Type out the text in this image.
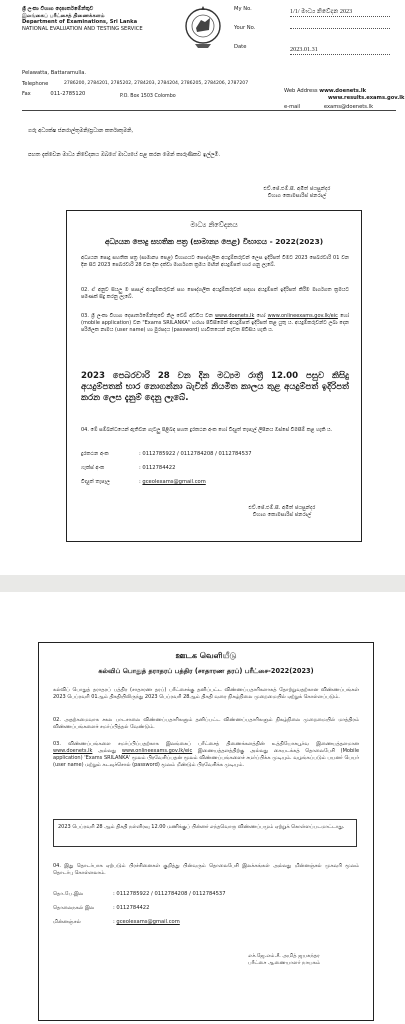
ශ්‍රී ලංකා විභාග දෙපාර්තමේන්තුව
இலங்கைப் பரீட்சைத் திணைக்களம்
Department of Examinations, Sri Lanka
NATIONAL EVALUATION AND TESTING SERVICE
My No.	1/1/ මාධ්‍ය නිවේදන 2023
Your No.
Date	2023.01.31
Pelawatta, Battaramulla.
Telephone
Fax	011-2785120
2786200, 2784201, 2785202, 2784203, 2784204, 2786205, 2784206, 2787207
P.O. Box 1503 Colombo
Web Address www.doenets.lk
www.results.exams.gov.lk
e-mail	exams@doenets.lk
ගරු අධ්‍යක්ෂ ජනරාල්තුමනි/ප්‍රධාන කර්තෘතුමනි,
පහත දැක්වෙන මාධ්‍ය නිවේදනය ඔබගේ මාධ්‍යයේ පළ කරන මෙන් කාරුණිකව ඉල්ලමි.
එච්.ජේ.එම්.සී. අමිත් ජයසුන්දර
විභාග කොමසාරිස් ජනරාල්
මාධ්‍ය නිවේදනය
අධ්‍යයන පොදු සහතික පත්‍ර (සාමාන්‍ය පෙළ) විභාගය - 2022(2023)
අධ්‍යයන පොදු සහතික පත්‍ර (සාමාන්‍ය පෙළ) විභාගයට පෞද්ගලික අයදුම්කරුවන් ලෙස ඉදිරිපත් වීමට 2023 පෙබරවාරි 01 වන දින සිට 2023 පෙබරවාරි 28 වන දින දක්වා මාර්ගගත ක්‍රමය මඟින් අයදුම්පත් භාර ගනු ලැබේ.
02. ඒ අනුව සියලු ම පාසල් අයදුම්කරුවන් සහ පෞද්ගලික අයදුම්කරුවන් සඳහා අයදුම්පත් ඉදිරිපත් කිරීම මාර්ගගත ක්‍රමයට පමණක් සිදු කරනු ලැබේ.
03. ශ්‍රී ලංකා විභාග දෙපාර්තමේන්තුවේ නිල වෙබ් අඩවිය වන www.doenets.lk හෝ www.onlineexams.gov.lk/eic හෝ (mobile application) වන "Exams SRILANKA" හරහා පිවිසීමෙන් අයදුම්පත් ඉදිරිපත් කළ යුතු ය. අයදුම්කරුවන්ට ලබා දෙන පරිශීලක නාමය (user name) හා මුරපදය (password) භාවිතයෙන් නැවත පිවිසිය හැකි ය.
2023 පෙබරවාරි 28 වන දින මධ්‍යම රාත්‍රී 12.00 පසුව කිසිදු අයදුම්පතක් භාර නොගන්නා බැවින් නියමිත කාලය තුළ අයදුම්පත් ඉදිරිපත් කරන ලෙස දැනුම් දෙනු ලැබේ.
04. මේ සම්බන්ධයෙන් ඇතිවන ගැටලු පිළිබඳ පහත දුරකථන අංක හෝ විද්‍යුත් තැපැල් ලිපිනය ඔස්සේ විමසීම් කළ හැකි ය.
දුරකථන අංක	: 0112785922 / 0112784208 / 0112784537
ෆැක්ස් අංක	: 0112784422
විද්‍යුත් තැපෑල	: gceolexams@gmail.com
එච්.ජේ.එම්.සී. අමිත් ජයසුන්දර
විභාග කොමසාරිස් ජනරාල්
ஊடக வெளியீடு
கல்விப் பொதுத் தராதரப் பத்திர (சாதாரண தரப்) பரீட்சை-2022(2023)
கல்விப் பொதுத் தராதரப் பத்திர (சாதாரண தரப்) பரீட்சைக்கு தனிப்பட்ட விண்ணப்பதாரிகளாகத் தோற்றுவதற்கான விண்ணப்பங்கள் 2023 பெப்ரவரி 01ஆம் திகதியிலிருந்து 2023 பெப்ரவரி 28ஆம் திகதி வரை நிகழ்நிலை முறைமையில் ஏற்றுக் கொள்ளப்படும்.
02. அதற்கமைவாக சகல பாடசாலை விண்ணப்பதாரிகளும் தனிப்பட்ட விண்ணப்பதாரிகளும் நிகழ்நிலை முறைமையில் மாத்திரம் விண்ணப்பங்களைச் சமர்ப்பித்தல் வேண்டும்.
03. விண்ணப்பங்களை சமர்ப்பிப்பதற்காக இலங்கைப் பரீட்சைத் திணைக்களத்தின் உத்தியோகபூர்வ இணையத்தளமான www.doenets.lk அல்லது www.onlineexams.gov.lk/eic இணையத்தளத்திற்கு அல்லது கையடக்கத் தொலைபேசி (Mobile application) 'Exams SRILANKA' மூலம் பிரவேசிப்பதன் மூலம் விண்ணப்பங்களைச் சமர்ப்பிக்க முடியும். வழங்கப்படும் பயனர் பெயர் (user name) மற்றும் கடவுச்சொல் (password) மூலம் மீண்டும் பிரவேசிக்க முடியும்.
2023 பெப்ரவரி 28 ஆம் திகதி நள்ளிரவு 12.00 மணிக்குப் பின்னர் எந்தவொரு விண்ணப்பமும் ஏற்றுக் கொள்ளப்படமாட்டாது.
04. இது தொடர்பாக ஏற்படும் பிரச்சினைகள் குறித்து பின்வரும் தொலைபேசி இலக்கங்கள் அல்லது மின்னஞ்சல் முகவரி மூலம் தொடர்பு கொள்ளலாம்.
தொ.பே.இல	: 0112785922 / 0112784208 / 0112784537
தொலைநகல் இல	: 0112784422
மின்னஞ்சல்	: gceolexams@gmail.com
எச்.ஜே.எம்.சீ. அமித் ஜயசுந்தர
பரீட்சை ஆணையாளர் நாயகம்
